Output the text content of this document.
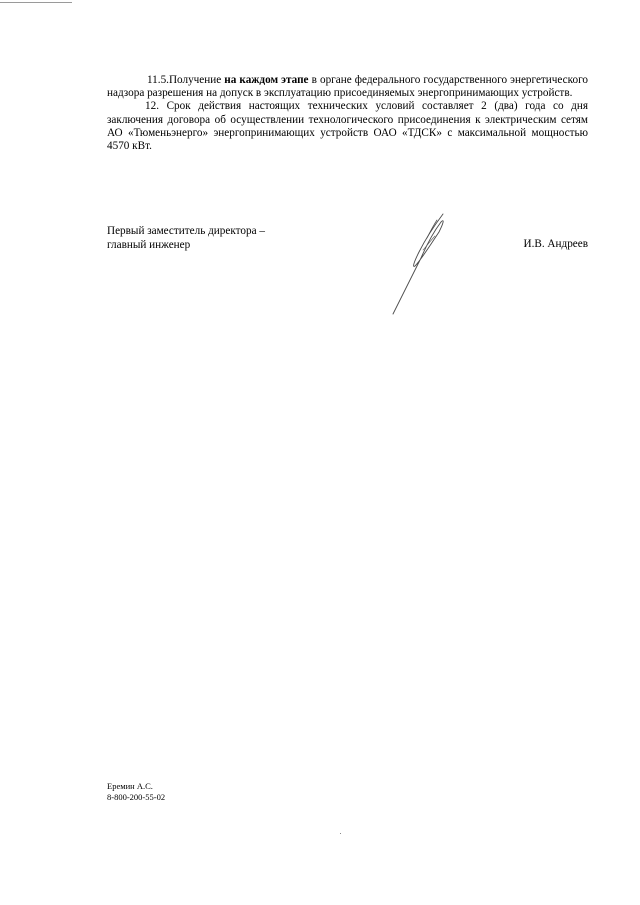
11.5.Получение на каждом этапе в органе федерального государственного энергетического надзора разрешения на допуск в эксплуатацию присоединяемых энергопринимающих устройств.

12. Срок действия настоящих технических условий составляет 2 (два) года со дня заключения договора об осуществлении технологического присоединения к электрическим сетям АО «Тюменьэнерго» энергопринимающих устройств ОАО «ТДСК» с максимальной мощностью 4570 кВт.

Первый заместитель директора –
главный инженер	И.В. Андреев
Еремин А.С.
8-800-200-55-02
